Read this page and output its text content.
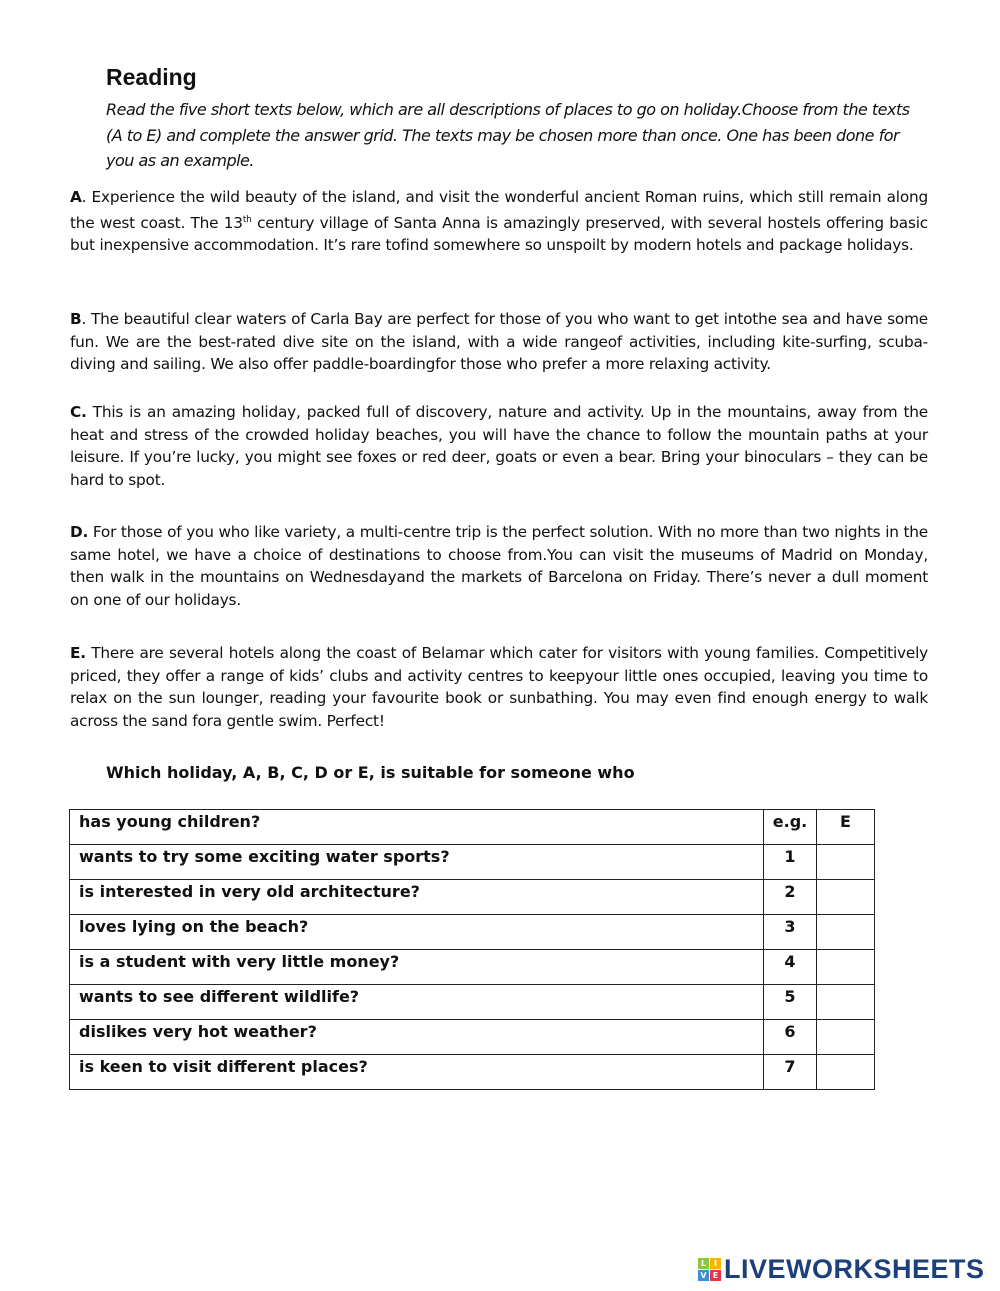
Reading
Read the five short texts below, which are all descriptions of places to go on holiday.Choose from the texts (A to E) and complete the answer grid. The texts may be chosen more than once. One has been done for you as an example.
A. Experience the wild beauty of the island, and visit the wonderful ancient Roman ruins, which still remain along the west coast. The 13th century village of Santa Anna is amazingly preserved, with several hostels offering basic but inexpensive accommodation. It’s rare tofind somewhere so unspoilt by modern hotels and package holidays.
B. The beautiful clear waters of Carla Bay are perfect for those of you who want to get intothe sea and have some fun. We are the best-rated dive site on the island, with a wide rangeof activities, including kite-surfing, scuba-diving and sailing. We also offer paddle-boardingfor those who prefer a more relaxing activity.
C. This is an amazing holiday, packed full of discovery, nature and activity. Up in the mountains, away from the heat and stress of the crowded holiday beaches, you will have the chance to follow the mountain paths at your leisure. If you’re lucky, you might see foxes or red deer, goats or even a bear. Bring your binoculars – they can be hard to spot.
D. For those of you who like variety, a multi-centre trip is the perfect solution. With no more than two nights in the same hotel, we have a choice of destinations to choose from.You can visit the museums of Madrid on Monday, then walk in the mountains on Wednesdayand the markets of Barcelona on Friday. There’s never a dull moment on one of our holidays.
E. There are several hotels along the coast of Belamar which cater for visitors with young families. Competitively priced, they offer a range of kids’ clubs and activity centres to keepyour little ones occupied, leaving you time to relax on the sun lounger, reading your favourite book or sunbathing. You may even find enough energy to walk across the sand fora gentle swim. Perfect!
Which holiday, A, B, C, D or E, is suitable for someone who
has young children?	e.g.	E
wants to try some exciting water sports?	1	
is interested in very old architecture?	2	
loves lying on the beach?	3	
is a student with very little money?	4	
wants to see different wildlife?	5	
dislikes very hot weather?	6	
is keen to visit different places?	7	
L I
V E LIVEWORKSHEETS
